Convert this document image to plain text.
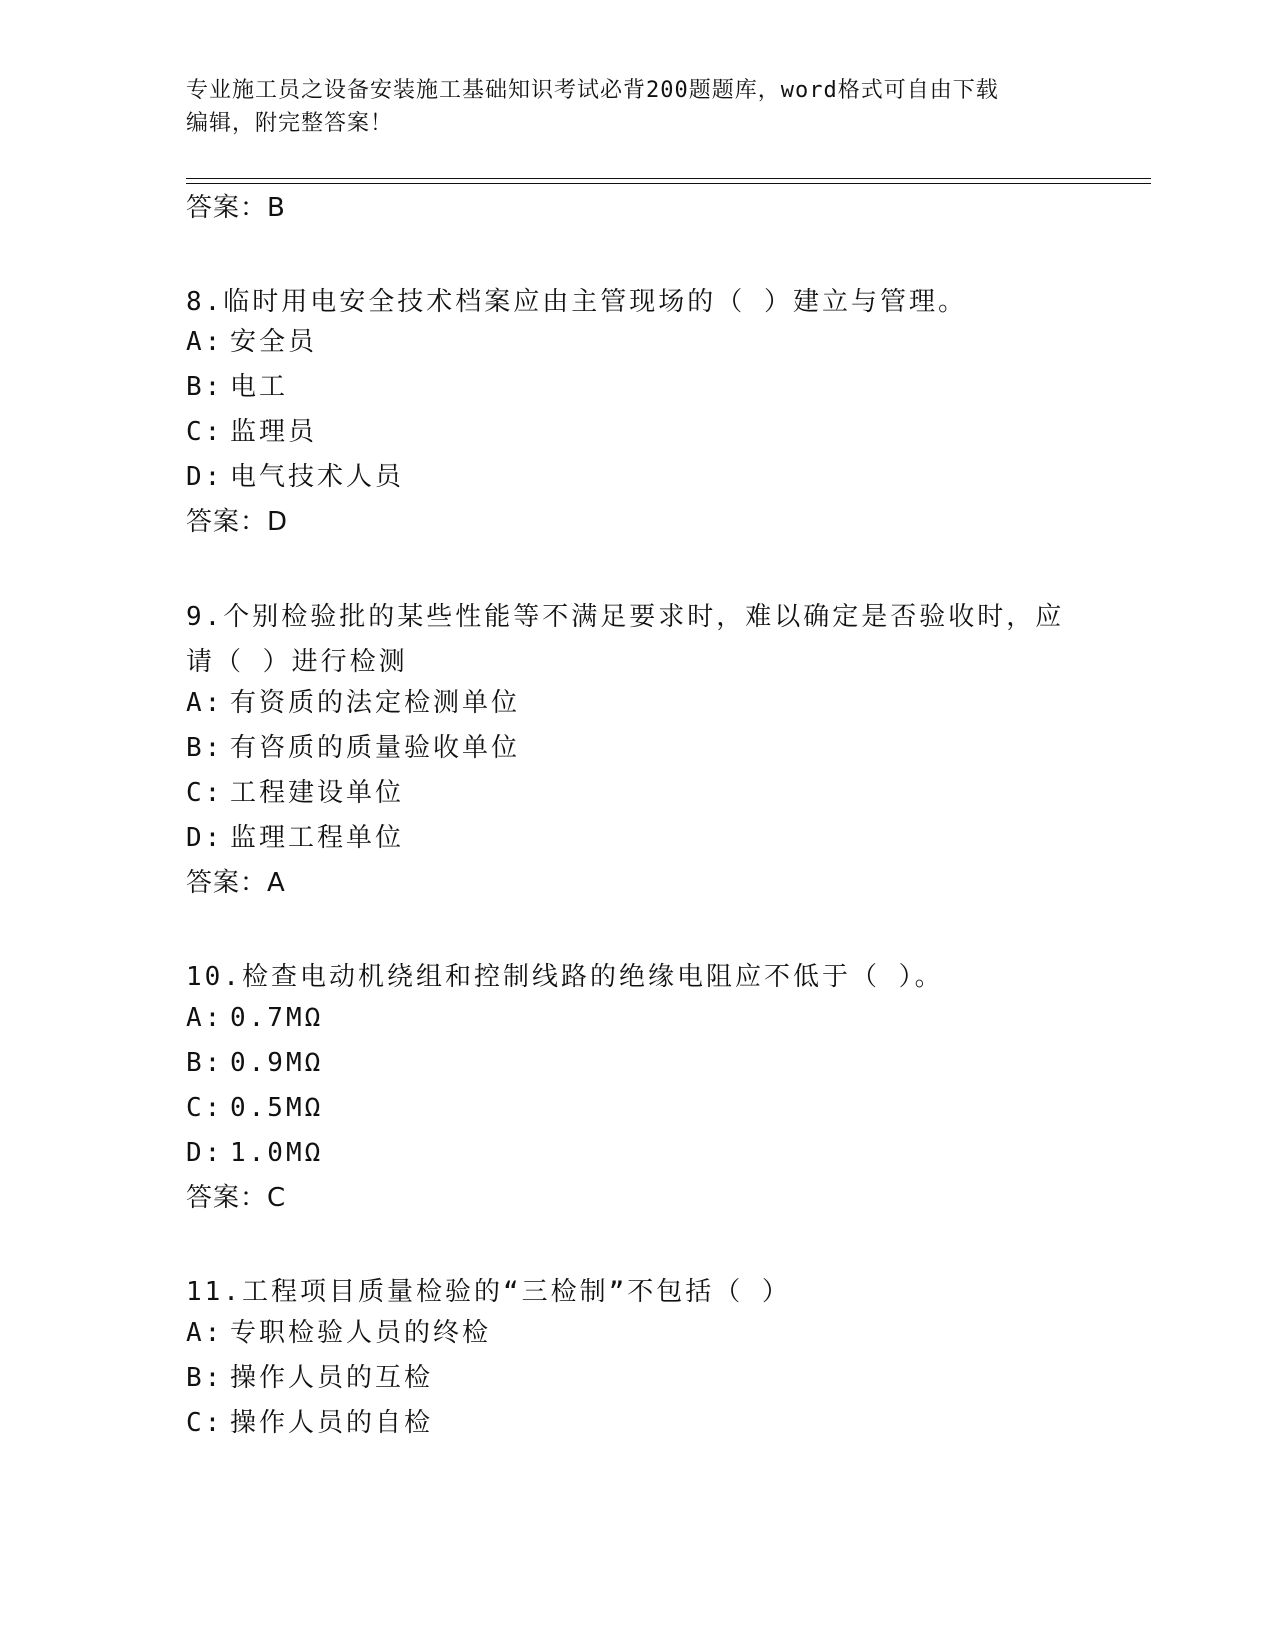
专业施工员之设备安装施工基础知识考试必背200题题库，word格式可自由下载
编辑，附完整答案！
答案：B
8.临时用电安全技术档案应由主管现场的（ ）建立与管理。
A: 安全员
B: 电工
C: 监理员
D: 电气技术人员
答案：D
9.个别检验批的某些性能等不满足要求时，难以确定是否验收时，应
请（ ）进行检测
A: 有资质的法定检测单位
B: 有咨质的质量验收单位
C: 工程建设单位
D: 监理工程单位
答案：A
10.检查电动机绕组和控制线路的绝缘电阻应不低于（ ）。
A: 0.7MΩ
B: 0.9MΩ
C: 0.5MΩ
D: 1.0MΩ
答案：C
11.工程项目质量检验的“三检制”不包括（ ）
A: 专职检验人员的终检
B: 操作人员的互检
C: 操作人员的自检
